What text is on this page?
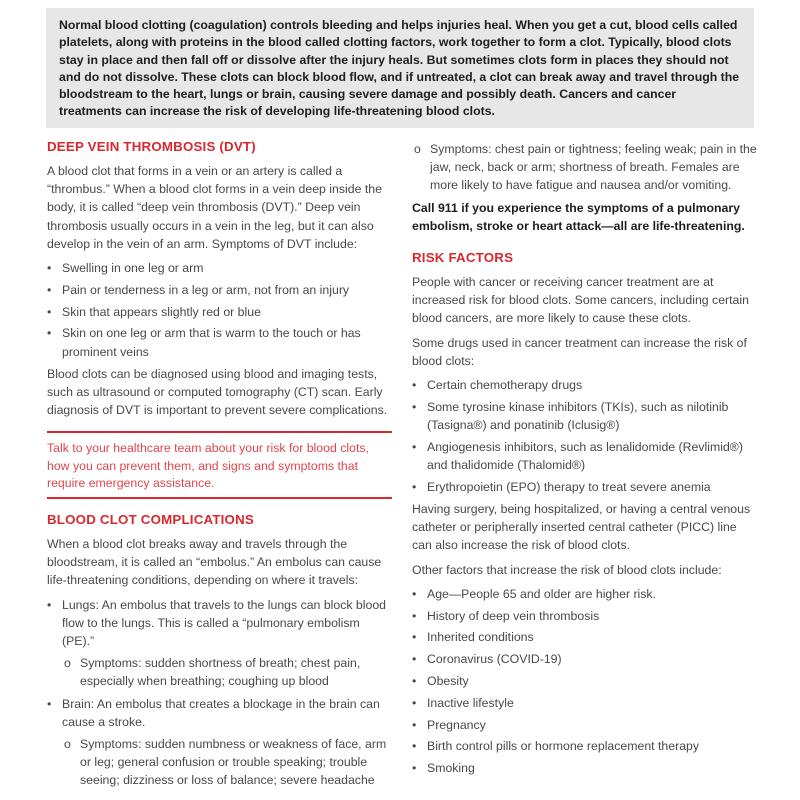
Normal blood clotting (coagulation) controls bleeding and helps injuries heal. When you get a cut, blood cells called platelets, along with proteins in the blood called clotting factors, work together to form a clot. Typically, blood clots stay in place and then fall off or dissolve after the injury heals. But sometimes clots form in places they should not and do not dissolve. These clots can block blood flow, and if untreated, a clot can break away and travel through the bloodstream to the heart, lungs or brain, causing severe damage and possibly death. Cancers and cancer treatments can increase the risk of developing life-threatening blood clots.

DEEP VEIN THROMBOSIS (DVT)

A blood clot that forms in a vein or an artery is called a “thrombus.” When a blood clot forms in a vein deep inside the body, it is called “deep vein thrombosis (DVT).” Deep vein thrombosis usually occurs in a vein in the leg, but it can also develop in the vein of an arm. Symptoms of DVT include:

• Swelling in one leg or arm
• Pain or tenderness in a leg or arm, not from an injury
• Skin that appears slightly red or blue
• Skin on one leg or arm that is warm to the touch or has prominent veins

Blood clots can be diagnosed using blood and imaging tests, such as ultrasound or computed tomography (CT) scan. Early diagnosis of DVT is important to prevent severe complications.

Talk to your healthcare team about your risk for blood clots, how you can prevent them, and signs and symptoms that require emergency assistance.

BLOOD CLOT COMPLICATIONS

When a blood clot breaks away and travels through the bloodstream, it is called an “embolus.” An embolus can cause life-threatening conditions, depending on where it travels:

• Lungs: An embolus that travels to the lungs can block blood flow to the lungs. This is called a “pulmonary embolism (PE).”
o Symptoms: sudden shortness of breath; chest pain, especially when breathing; coughing up blood
• Brain: An embolus that creates a blockage in the brain can cause a stroke.
o Symptoms: sudden numbness or weakness of face, arm or leg; general confusion or trouble speaking; trouble seeing; dizziness or loss of balance; severe headache
o Symptoms: chest pain or tightness; feeling weak; pain in the jaw, neck, back or arm; shortness of breath. Females are more likely to have fatigue and nausea and/or vomiting.

Call 911 if you experience the symptoms of a pulmonary embolism, stroke or heart attack—all are life-threatening.

RISK FACTORS

People with cancer or receiving cancer treatment are at increased risk for blood clots. Some cancers, including certain blood cancers, are more likely to cause these clots.

Some drugs used in cancer treatment can increase the risk of blood clots:

• Certain chemotherapy drugs
• Some tyrosine kinase inhibitors (TKIs), such as nilotinib (Tasigna®) and ponatinib (Iclusig®)
• Angiogenesis inhibitors, such as lenalidomide (Revlimid®) and thalidomide (Thalomid®)
• Erythropoietin (EPO) therapy to treat severe anemia

Having surgery, being hospitalized, or having a central venous catheter or peripherally inserted central catheter (PICC) line can also increase the risk of blood clots.

Other factors that increase the risk of blood clots include:

• Age—People 65 and older are higher risk.
• History of deep vein thrombosis
• Inherited conditions
• Coronavirus (COVID-19)
• Obesity
• Inactive lifestyle
• Pregnancy
• Birth control pills or hormone replacement therapy
• Smoking
